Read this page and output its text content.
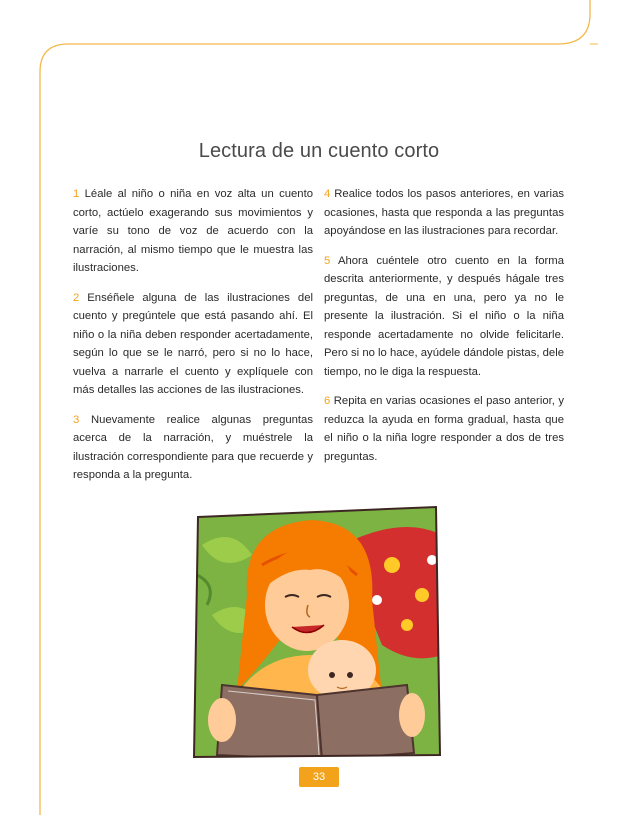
Lectura de un cuento corto

1 Léale al niño o niña en voz alta un cuento corto, actúelo exagerando sus movimientos y varíe su tono de voz de acuerdo con la narración, al mismo tiempo que le muestra las ilustraciones.

2 Enséñele alguna de las ilustraciones del cuento y pregúntele que está pasando ahí. El niño o la niña deben responder acertadamente, según lo que se le narró, pero si no lo hace, vuelva a narrarle el cuento y explíquele con más detalles las acciones de las ilustraciones.

3 Nuevamente realice algunas preguntas acerca de la narración, y muéstrele la ilustración correspondiente para que recuerde y responda a la pregunta.

4 Realice todos los pasos anteriores, en varias ocasiones, hasta que responda a las preguntas apoyándose en las ilustraciones para recordar.

5 Ahora cuéntele otro cuento en la forma descrita anteriormente, y después hágale tres preguntas, de una en una, pero ya no le presente la ilustración. Si el niño o la niña responde acertadamente no olvide felicitarle. Pero si no lo hace, ayúdele dándole pistas, dele tiempo, no le diga la respuesta.

6 Repita en varias ocasiones el paso anterior, y reduzca la ayuda en forma gradual, hasta que el niño o la niña logre responder a dos de tres preguntas.

33
